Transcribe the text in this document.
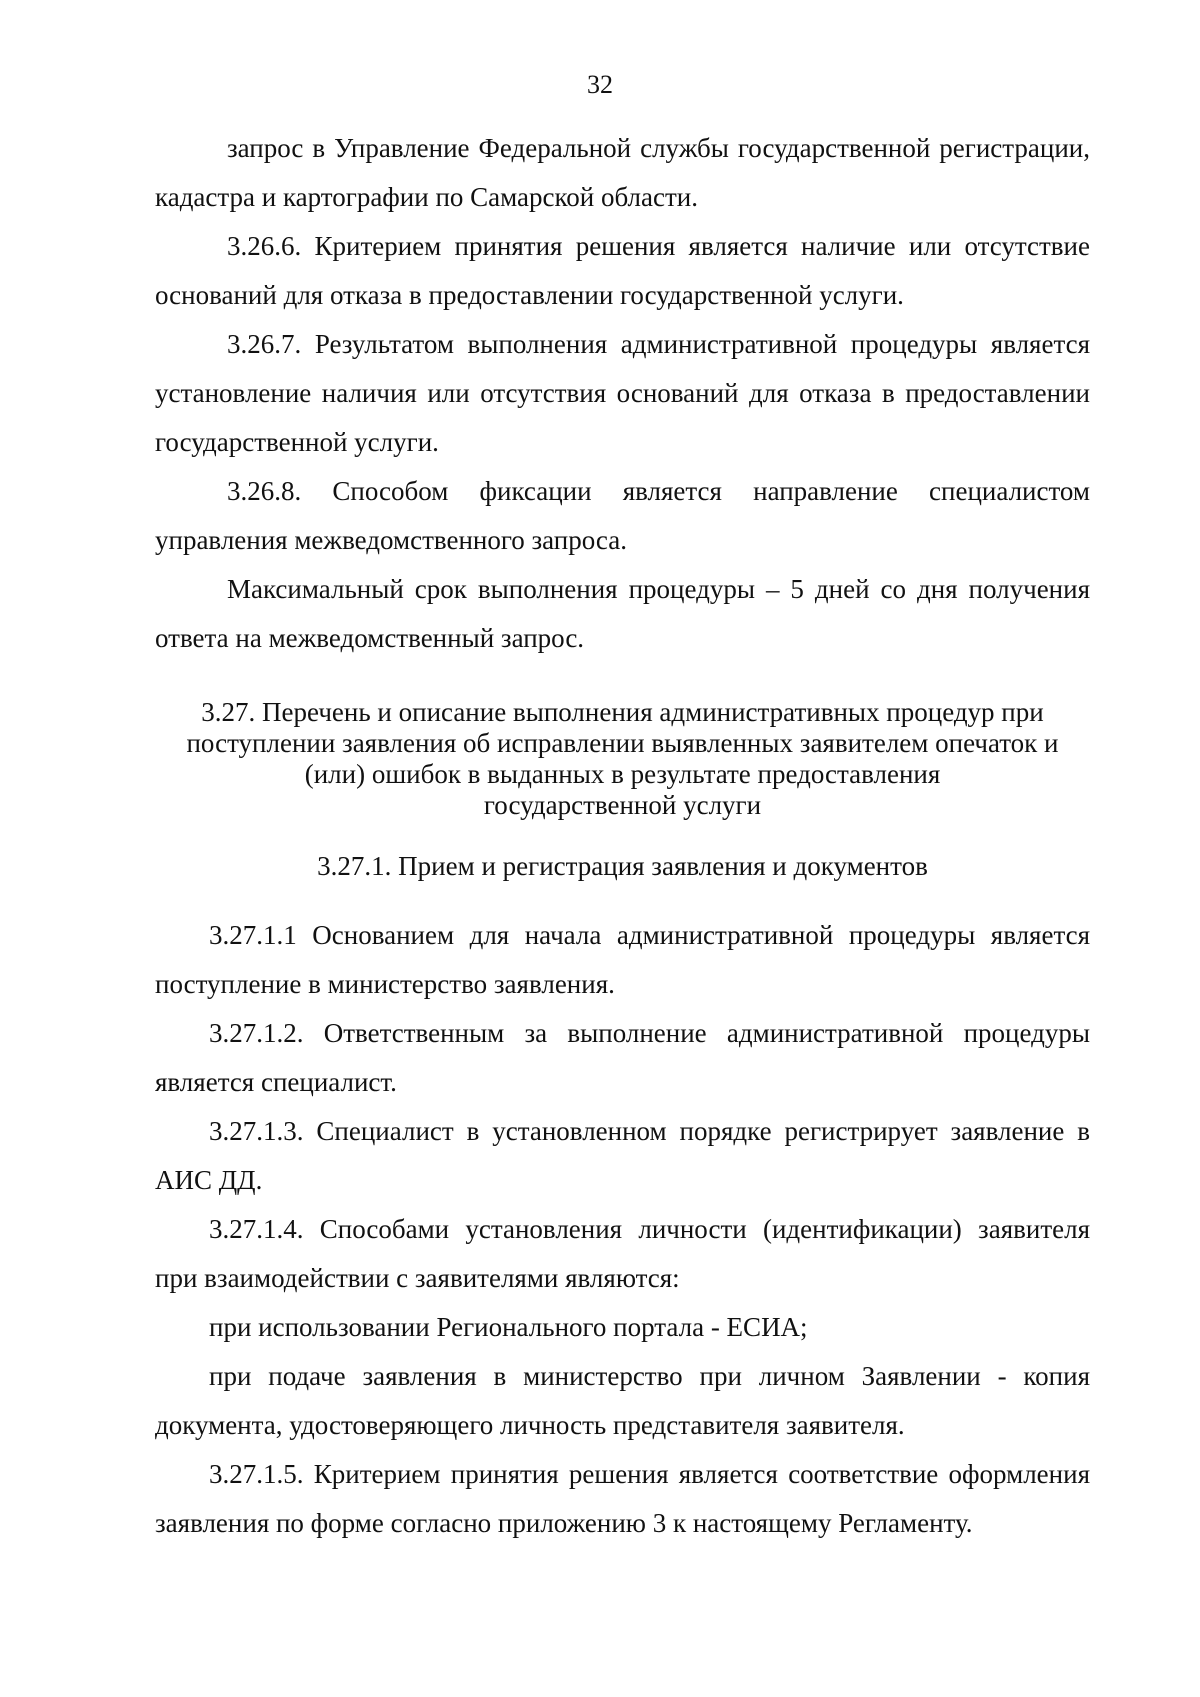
32

запрос в Управление Федеральной службы государственной регистрации, кадастра и картографии по Самарской области.

3.26.6. Критерием принятия решения является наличие или отсутствие оснований для отказа в предоставлении государственной услуги.

3.26.7. Результатом выполнения административной процедуры является установление наличия или отсутствия оснований для отказа в предоставлении государственной услуги.

3.26.8. Способом фиксации является направление специалистом управления межведомственного запроса.

Максимальный срок выполнения процедуры – 5 дней со дня получения ответа на межведомственный запрос.

3.27. Перечень и описание выполнения административных процедур при

поступлении заявления об исправлении выявленных заявителем опечаток и

(или) ошибок в выданных в результате предоставления

государственной услуги

3.27.1. Прием и регистрация заявления и документов

3.27.1.1 Основанием для начала административной процедуры является поступление в министерство заявления.

3.27.1.2. Ответственным за выполнение административной процедуры является специалист.

3.27.1.3. Специалист в установленном порядке регистрирует заявление в АИС ДД.

3.27.1.4. Способами установления личности (идентификации) заявителя при взаимодействии с заявителями являются:

при использовании Регионального портала - ЕСИА;

при подаче заявления в министерство при личном Заявлении - копия документа, удостоверяющего личность представителя заявителя.

3.27.1.5. Критерием принятия решения является соответствие оформления заявления по форме согласно приложению 3 к настоящему Регламенту.
